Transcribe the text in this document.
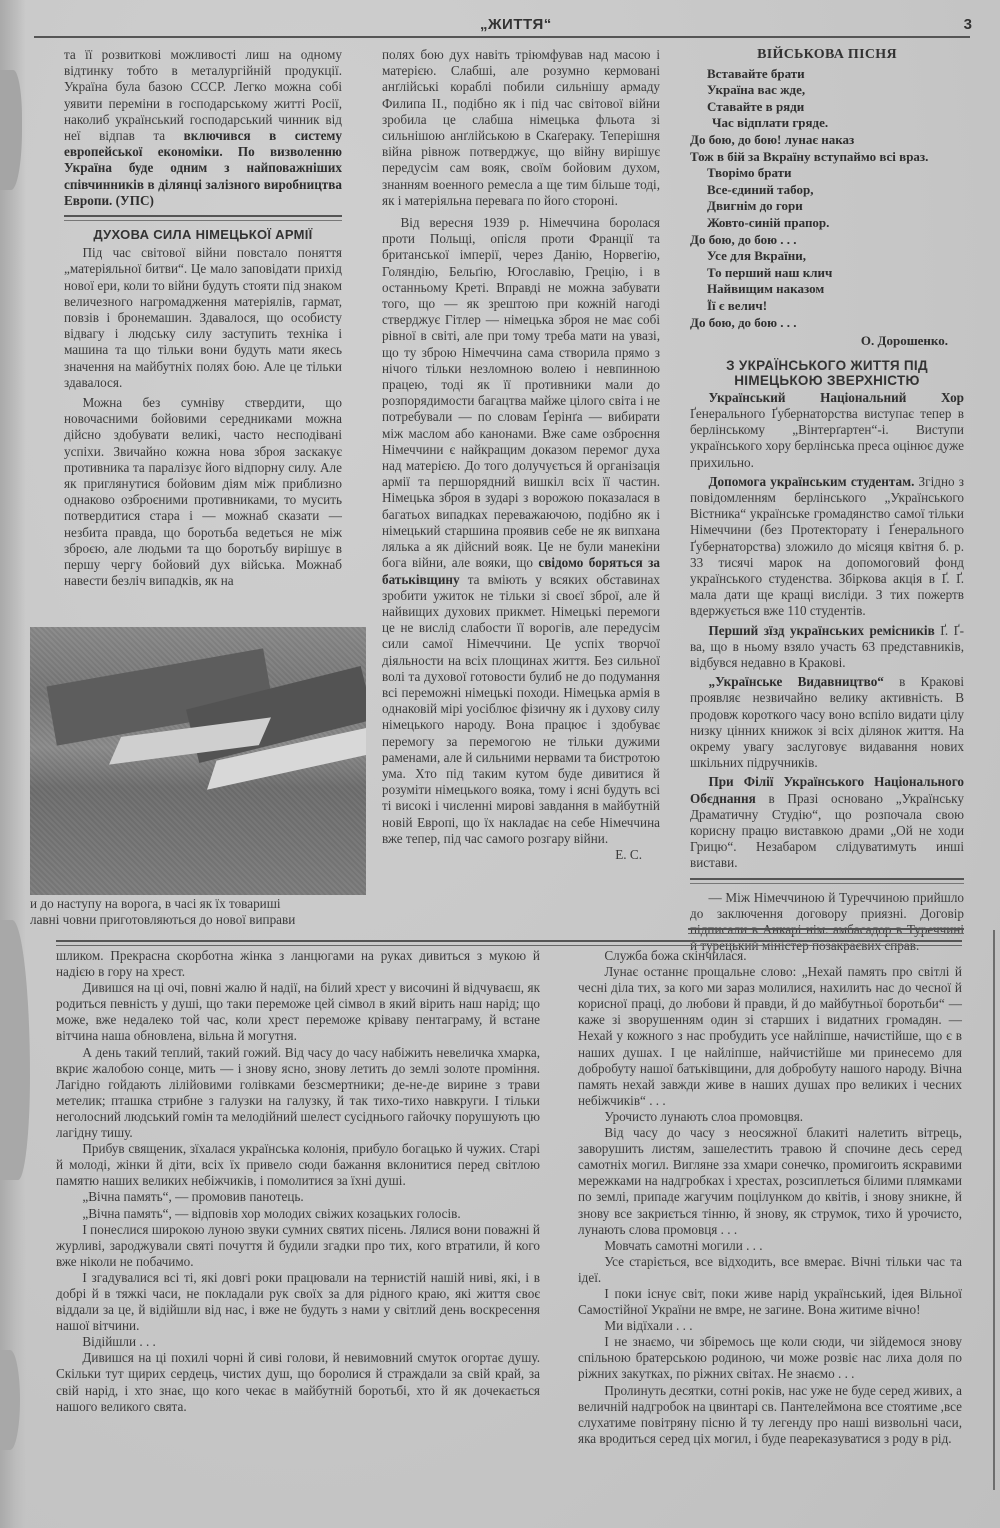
„ЖИТТЯ“	3

та її розвиткові можливості лиш на одному відтинку тобто в металургійній продукції. Україна була базою СССР. Легко можна собі уявити переміни в господарському житті Росії, наколиб український господарський чинник від неї відпав та включився в систему европейської економіки. По визволенню Україна буде одним з найповажніших співчинників в ділянці залізного виробництва Европи. (УПС)

ДУХОВА СИЛА НІМЕЦЬКОЇ АРМІЇ

Під час світової війни повстало поняття „матеріяльної битви“. Це мало заповідати прихід нової ери, коли то війни будуть стояти під знаком величезного нагромадження матеріялів, гармат, повзів і бронемашин. Здавалося, що особисту відвагу і людську силу заступить техніка і машина та що тільки вони будуть мати якесь значення на майбутніх полях бою. Але це тільки здавалося.

Можна без сумніву ствердити, що новочасними бойовими середниками можна дійсно здобувати великі, часто несподівані успіхи. Звичайно кожна нова зброя заскакує противника та паралізує його відпорну силу. Але як приглянутися бойовим діям між приблизно однаково озброєними противниками, то мусить потвердитися стара і — можнаб сказати — незбита правда, що боротьба ведеться не між зброєю, але людьми та що боротьбу вирішує в першу чергу бойовий дух війська. Можнаб навести безліч випадків, як на

и до наступу на ворога, в часі як їх товариші
лавні човни приготовляються до нової виправи

полях бою дух навіть тріюмфував над масою і матерією. Слабші, але розумно кермовані анґлійські кораблі побили сильнішу армаду Филипа II., подібно як і під час світової війни зробила це слабша німецька фльота зі сильнішою анґлійською в Скаґераку. Теперішня війна рівнож потверджує, що війну вирішує передусім сам вояк, своїм бойовим духом, знанням военного ремесла а ще тим більше тоді, як і матеріяльна перевага по його стороні.

Від вересня 1939 р. Німеччина боролася проти Польщі, опісля проти Франції та британської імперії, через Данію, Норвегію, Голяндію, Бельґію, Югославію, Грецію, і в останньому Креті. Вправді не можна забувати того, що — як зрештою при кожній нагоді стверджує Гітлер — німецька зброя не має собі рівної в світі, але при тому треба мати на увазі, що ту зброю Німеччина сама створила прямо з нічого тільки незломною волею і невпинною працею, тоді як її противники мали до розпорядимости багацтва майже цілого світа і не потребували — по словам Ґерінґа — вибирати між маслом або канонами. Вже саме озброєння Німеччини є найкращим доказом перемог духа над матерією. До того долучується й організація армії та першорядний вишкіл всіх її частин. Німецька зброя в зударі з ворожою показалася в багатьох випадках переважаючою, подібно як і німецький старшина проявив себе не як випхана лялька а як дійсний вояк. Це не були манекіни бога війни, але вояки, що свідомо боряться за батьківщину та вміють у всяких обставинах зробити ужиток не тільки зі своєї зброї, але й найвищих духових прикмет. Німецькі перемоги це не вислід слабости її ворогів, але передусім сили самої Німеччини. Це успіх творчої діяльности на всіх площинах життя. Без сильної волі та духової готовости булиб не до подумання всі переможні німецькі походи. Німецька армія в однаковій мірі уосіблює фізичну як і духову силу німецького народу. Вона працює і здобуває перемогу за перемогою не тільки дужими раменами, але й сильними нервами та бистротою ума. Хто під таким кутом буде дивитися й розуміти німецького вояка, тому і ясні будуть всі ті високі і численні мирові завдання в майбутній новій Европі, що їх накладає на себе Німеччина вже тепер, під час самого розгару війни.
Е. С.

ВІЙСЬКОВА ПІСНЯ

Вставайте брати
Україна вас жде,
Ставайте в ряди
Час відплати гряде.
До бою, до бою! лунає наказ
Тож в бій за Вкраїну вступаймо всі враз.
Творімо брати
Все-єдиний табор,
Двигнім до гори
Жовто-синій прапор.
До бою, до бою . . .
Усе для Вкраїни,
То перший наш клич
Найвищим наказом
Її є велич!
До бою, до бою . . .
О. Дорошенко.

З УКРАЇНСЬКОГО ЖИТТЯ ПІД НІМЕЦЬКОЮ ЗВЕРХНІСТЮ

Український Національний Хор Ґенерального Ґубернаторства виступає тепер в берлінському „Вінтерґартен“-і. Виступи українського хору берлінська преса оцінює дуже прихильно.

Допомога українським студентам. Згідно з повідомленням берлінського „Українського Вістника“ українське громадянство самої тільки Німеччини (без Протекторату і Ґенерального Ґубернаторства) зложило до місяця квітня б. р. 33 тисячі марок на допомоговий фонд українського студенства. Збіркова акція в Ґ. Ґ. мала дати ще кращі висліди. З тих пожертв вдержується вже 110 студентів.

Перший зїзд українських ремісників Ґ. Ґ-ва, що в ньому взяло участь 63 представників, відбувся недавно в Кракові.

„Українське Видавництво“ в Кракові проявляє незвичайно велику активність. В продовж короткого часу воно вспіло видати цілу низку цінних книжок зі всіх ділянок життя. На окрему увагу заслуговує видавання нових шкільних підручників.

При Філії Українського Національного Обєднання в Празі основано „Українську Драматичну Студію“, що розпочала свою корисну працю виставкою драми „Ой не ходи Грицю“. Незабаром слідуватимуть инші вистави.

— Між Німеччиною й Туреччиною прийшло до заключення договору приязні. Договір підписали в Анкарі нім. амбасадор в Туреччині й турецький міністер позакраєвих справ.

шликом. Прекрасна скорботна жінка з ланцюгами на руках дивиться з мукою й надією в гору на хрест.

Дивишся на ці очі, повні жалю й надії, на білий хрест у височині й відчуваєш, як родиться певність у душі, що таки переможе цей сімвол в який вірить наш нарід; що може, вже недалеко той час, коли хрест переможе кріваву пентаграму, й встане вітчина наша обновлена, вільна й могутня.

А день такий теплий, такий гожий. Від часу до часу набіжить невеличка хмарка, вкриє жалобою сонце, мить — і знову ясно, знову летить до землі золоте проміння. Лагідно гойдають лілійовими голівками безсмертники; де-не-де вирине з трави метелик; пташка стрибне з галузки на галузку, й так тихо-тихо навкруги. І тільки неголосний людський гомін та мелодійний шелест сусіднього гайочку порушують цю лагідну тишу.

Прибув священик, зїхалася українська колонія, прибуло богацько й чужих. Старі й молоді, жінки й діти, всіх їх привело сюди бажання вклонитися перед світлою памятю наших великих небіжчиків, і помолитися за їхні душі.

„Вічна память“, — промовив панотець.

„Вічна память“, — відповів хор молодих свіжих козацьких голосів.

І понеслися широкою луною звуки сумних святих пісень. Лялися вони поважні й журливі, зароджували святі почуття й будили згадки про тих, кого втратили, й кого вже ніколи не побачимо.

І згадувалися всі ті, які довгі роки працювали на тернистій нашій ниві, які, і в добрі й в тяжкі часи, не покладали рук своїх за для рідного краю, які життя своє віддали за це, й відійшли від нас, і вже не будуть з нами у світлий день воскресення нашої вітчини.

Відійшли . . .

Дивишся на ці похилі чорні й сиві голови, й невимовний смуток огортає душу. Скільки тут щирих сердець, чистих душ, що боролися й страждали за свій край, за свій нарід, і хто знає, що кого чекає в майбутній боротьбі, хто й як дочекається нашого великого свята.

Служба божа скінчилася.

Лунає останнє прощальне слово: „Нехай память про світлі й чесні діла тих, за кого ми зараз молилися, нахилить нас до чесної й корисної праці, до любови й правди, й до майбутньої боротьби“ — каже зі зворушенням один зі старших і видатних громадян. — Нехай у кожного з нас пробудить усе найліпше, начистійше, що є в наших душах. І це найліпше, найчистійше ми принесемо для добробуту нашої батьківщини, для добробуту нашого народу. Вічна память нехай завжди живе в наших душах про великих і чесних небіжчиків“ . . .

Урочисто лунають слоа промовцвя.

Від часу до часу з неосяжної блакиті налетить вітрець, заворушить листям, зашелестить травою й спочине десь серед самотніх могил. Вигляне зза хмари сонечко, промигоить яскравими мережками на надгробках і хрестах, розсиплеться білими плямками по землі, припаде жагучим поцілунком до квітів, і знову зникне, й знову все закриється тінню, й знову, як струмок, тихо й урочисто, лунають слова промовця . . .

Мовчать самотні могили . . .

Усе старіється, все відходить, все вмерає. Вічні тільки час та ідеї.

І поки існує світ, поки живе нарід український, ідея Вільної Самостійної України не вмре, не загине. Вона житиме вічно!

Ми відїхали . . .

І не знаємо, чи збіремось ще коли сюди, чи зійдемося знову спільною братерською родиною, чи може розвіє нас лиха доля по ріжних закутках, по ріжних світах. Не знаємо . . .

Пролинуть десятки, сотні років, нас уже не буде серед живих, а величній надгробок на цвинтарі св. Пантелеймона все стоятиме ,все слухатиме повітряну пісню й ту легенду про наші визвольні часи, яка вродиться серед ціх могил, і буде пеарeказуватися з роду в рід.
